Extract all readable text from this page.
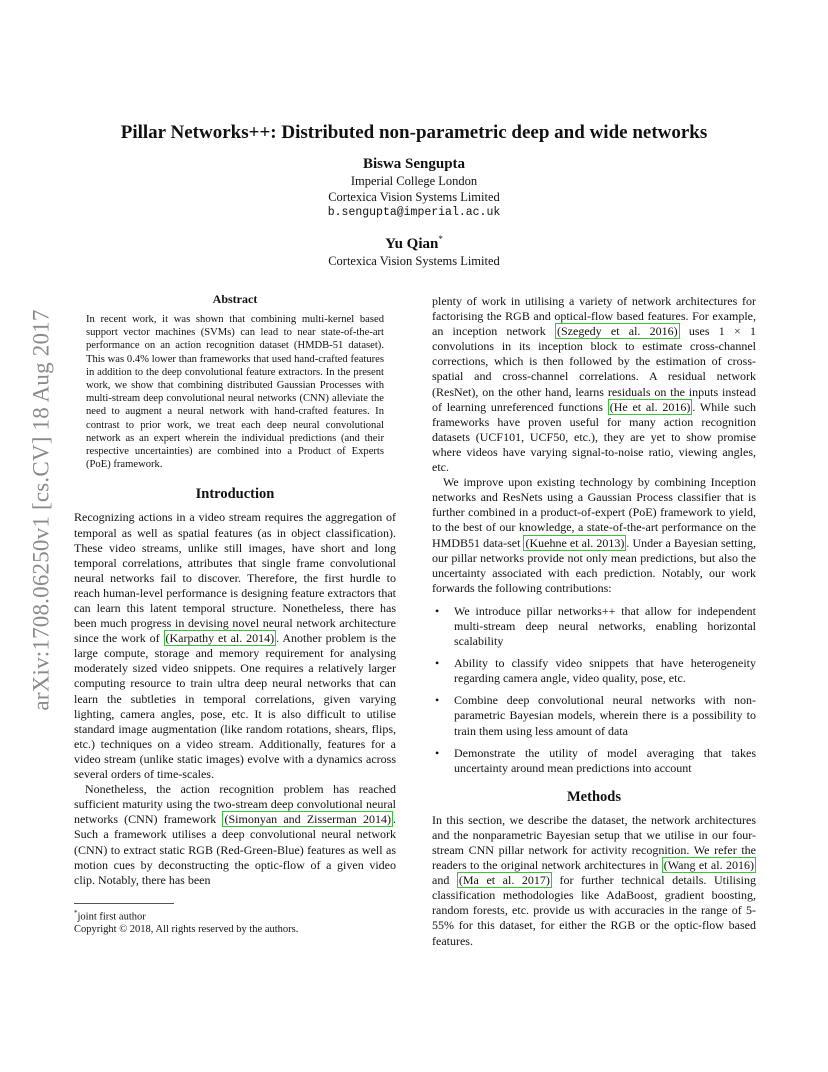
arXiv:1708.06250v1 [cs.CV] 18 Aug 2017
Pillar Networks++: Distributed non-parametric deep and wide networks
Biswa Sengupta
Imperial College London
Cortexica Vision Systems Limited
b.sengupta@imperial.ac.uk
Yu Qian*
Cortexica Vision Systems Limited
Abstract
In recent work, it was shown that combining multi-kernel based support vector machines (SVMs) can lead to near state-of-the-art performance on an action recognition dataset (HMDB-51 dataset). This was 0.4% lower than frameworks that used hand-crafted features in addition to the deep convolutional feature extractors. In the present work, we show that combining distributed Gaussian Processes with multi-stream deep convolutional neural networks (CNN) alleviate the need to augment a neural network with hand-crafted features. In contrast to prior work, we treat each deep neural convolutional network as an expert wherein the individual predictions (and their respective uncertainties) are combined into a Product of Experts (PoE) framework.
Introduction

Recognizing actions in a video stream requires the aggregation of temporal as well as spatial features (as in object classification). These video streams, unlike still images, have short and long temporal correlations, attributes that single frame convolutional neural networks fail to discover. Therefore, the first hurdle to reach human-level performance is designing feature extractors that can learn this latent temporal structure. Nonetheless, there has been much progress in devising novel neural network architecture since the work of (Karpathy et al. 2014) . Another problem is the large compute, storage and memory requirement for analysing moderately sized video snippets. One requires a relatively larger computing resource to train ultra deep neural networks that can learn the subtleties in temporal correlations, given varying lighting, camera angles, pose, etc. It is also difficult to utilise standard image augmentation (like random rotations, shears, flips, etc.) techniques on a video stream. Additionally, features for a video stream (unlike static images) evolve with a dynamics across several orders of time-scales.

Nonetheless, the action recognition problem has reached sufficient maturity using the two-stream deep convolutional neural networks (CNN) framework (Simonyan and Zisserman 2014) . Such a framework utilises a deep convolutional neural network (CNN) to extract static RGB (Red-Green-Blue) features as well as motion cues by deconstructing the optic-flow of a given video clip. Notably, there has been

*joint first author
Copyright © 2018, All rights reserved by the authors.

plenty of work in utilising a variety of network architectures for factorising the RGB and optical-flow based features. For example, an inception network (Szegedy et al. 2016) uses 1 × 1 convolutions in its inception block to estimate cross-channel corrections, which is then followed by the estimation of cross-spatial and cross-channel correlations. A residual network (ResNet), on the other hand, learns residuals on the inputs instead of learning unreferenced functions (He et al. 2016) . While such frameworks have proven useful for many action recognition datasets (UCF101, UCF50, etc.), they are yet to show promise where videos have varying signal-to-noise ratio, viewing angles, etc.

We improve upon existing technology by combining Inception networks and ResNets using a Gaussian Process classifier that is further combined in a product-of-expert (PoE) framework to yield, to the best of our knowledge, a state-of-the-art performance on the HMDB51 data-set (Kuehne et al. 2013) . Under a Bayesian setting, our pillar networks provide not only mean predictions, but also the uncertainty associated with each prediction. Notably, our work forwards the following contributions:

• We introduce pillar networks++ that allow for independent multi-stream deep neural networks, enabling horizontal scalability
• Ability to classify video snippets that have heterogeneity regarding camera angle, video quality, pose, etc.
• Combine deep convolutional neural networks with non-parametric Bayesian models, wherein there is a possibility to train them using less amount of data
• Demonstrate the utility of model averaging that takes uncertainty around mean predictions into account
Methods

In this section, we describe the dataset, the network architectures and the nonparametric Bayesian setup that we utilise in our four-stream CNN pillar network for activity recognition. We refer the readers to the original network architectures in (Wang et al. 2016) and (Ma et al. 2017) for further technical details. Utilising classification methodologies like AdaBoost, gradient boosting, random forests, etc. provide us with accuracies in the range of 5-55% for this dataset, for either the RGB or the optic-flow based features.
